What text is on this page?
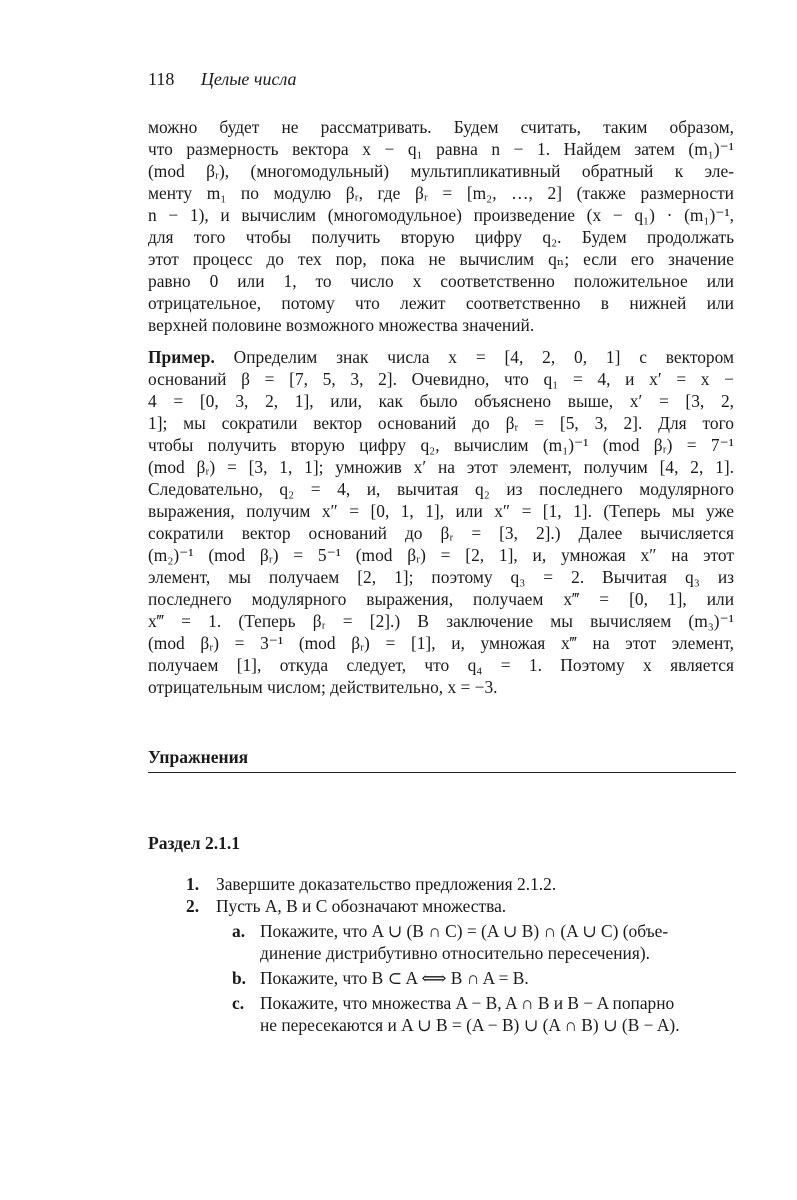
118 Целые числа
можно будет не рассматривать. Будем считать, таким образом,
что размерность вектора x − q₁ равна n − 1. Найдем затем (m₁)⁻¹
(mod βᵣ), (многомодульный) мультипликативный обратный к эле-
менту m₁ по модулю βᵣ, где βᵣ = [m₂, …, 2] (также размерности
n − 1), и вычислим (многомодульное) произведение (x − q₁) · (m₁)⁻¹,
для того чтобы получить вторую цифру q₂. Будем продолжать
этот процесс до тех пор, пока не вычислим qₙ; если его значение
равно 0 или 1, то число x соответственно положительное или
отрицательное, потому что лежит соответственно в нижней или
верхней половине возможного множества значений.
Пример. Определим знак числа x = [4, 2, 0, 1] с вектором
оснований β = [7, 5, 3, 2]. Очевидно, что q₁ = 4, и x′ = x −
4 = [0, 3, 2, 1], или, как было объяснено выше, x′ = [3, 2,
1]; мы сократили вектор оснований до βᵣ = [5, 3, 2]. Для того
чтобы получить вторую цифру q₂, вычислим (m₁)⁻¹ (mod βᵣ) = 7⁻¹
(mod βᵣ) = [3, 1, 1]; умножив x′ на этот элемент, получим [4, 2, 1].
Следовательно, q₂ = 4, и, вычитая q₂ из последнего модулярного
выражения, получим x″ = [0, 1, 1], или x″ = [1, 1]. (Теперь мы уже
сократили вектор оснований до βᵣ = [3, 2].) Далее вычисляется
(m₂)⁻¹ (mod βᵣ) = 5⁻¹ (mod βᵣ) = [2, 1], и, умножая x″ на этот
элемент, мы получаем [2, 1]; поэтому q₃ = 2. Вычитая q₃ из
последнего модулярного выражения, получаем x‴ = [0, 1], или
x‴ = 1. (Теперь βᵣ = [2].) В заключение мы вычисляем (m₃)⁻¹
(mod βᵣ) = 3⁻¹ (mod βᵣ) = [1], и, умножая x‴ на этот элемент,
получаем [1], откуда следует, что q₄ = 1. Поэтому x является
отрицательным числом; действительно, x = −3.
Упражнения
Раздел 2.1.1
1. Завершите доказательство предложения 2.1.2.
2. Пусть A, B и C обозначают множества.
a. Покажите, что A ∪ (B ∩ C) = (A ∪ B) ∩ (A ∪ C) (объе-
динение дистрибутивно относительно пересечения).
b. Покажите, что B ⊂ A ⟺ B ∩ A = B.
c. Покажите, что множества A − B, A ∩ B и B − A попарно
не пересекаются и A ∪ B = (A − B) ∪ (A ∩ B) ∪ (B − A).
